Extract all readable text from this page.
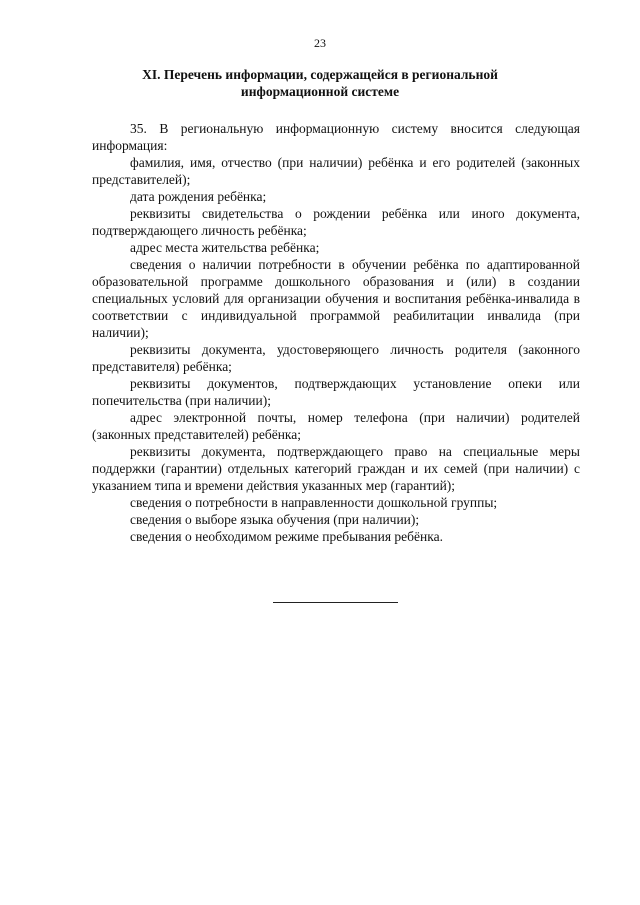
23
XI. Перечень информации, содержащейся в региональной
информационной системе

35. В региональную информационную систему вносится следующая информация:

фамилия, имя, отчество (при наличии) ребёнка и его родителей (законных представителей);

дата рождения ребёнка;

реквизиты свидетельства о рождении ребёнка или иного документа, подтверждающего личность ребёнка;

адрес места жительства ребёнка;

сведения о наличии потребности в обучении ребёнка по адаптированной образовательной программе дошкольного образования и (или) в создании специальных условий для организации обучения и воспитания ребёнка-инвалида в соответствии с индивидуальной программой реабилитации инвалида (при наличии);

реквизиты документа, удостоверяющего личность родителя (законного представителя) ребёнка;

реквизиты документов, подтверждающих установление опеки или попечительства (при наличии);

адрес электронной почты, номер телефона (при наличии) родителей (законных представителей) ребёнка;

реквизиты документа, подтверждающего право на специальные меры поддержки (гарантии) отдельных категорий граждан и их семей (при наличии) с указанием типа и времени действия указанных мер (гарантий);

сведения о потребности в направленности дошкольной группы;

сведения о выборе языка обучения (при наличии);

сведения о необходимом режиме пребывания ребёнка.
